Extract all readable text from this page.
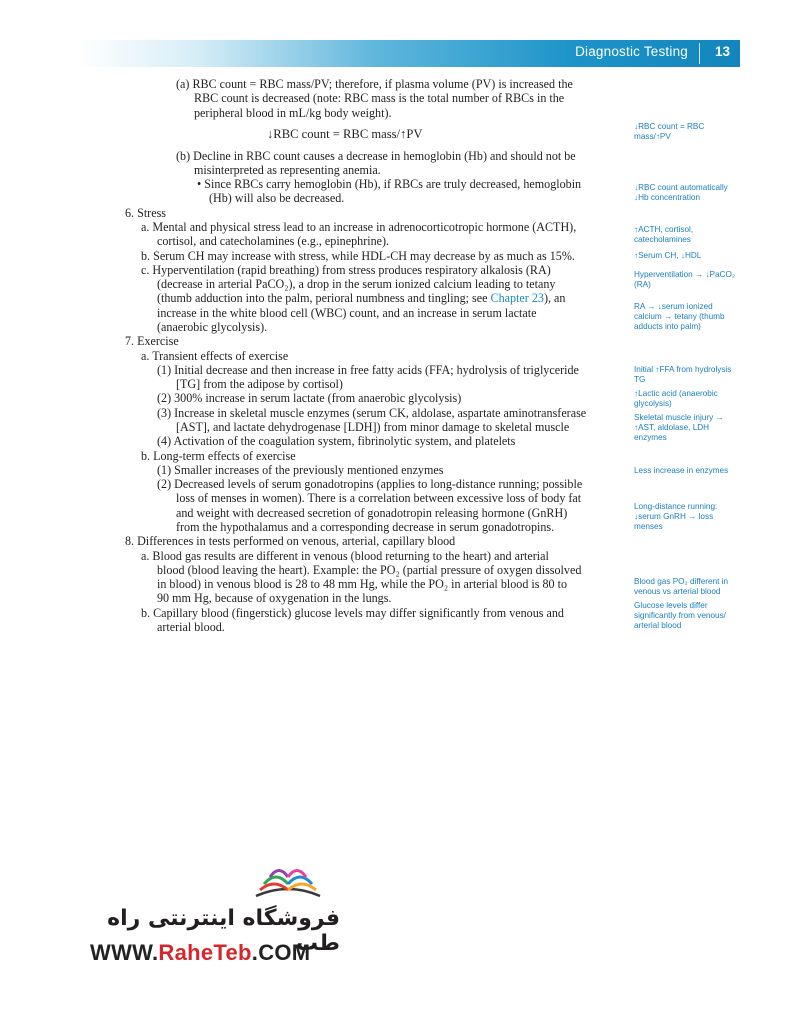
Diagnostic Testing 13
(a) RBC count = RBC mass/PV; therefore, if plasma volume (PV) is increased the
RBC count is decreased (note: RBC mass is the total number of RBCs in the
peripheral blood in mL/kg body weight).
(b) Decline in RBC count causes a decrease in hemoglobin (Hb) and should not be
misinterpreted as representing anemia.
• Since RBCs carry hemoglobin (Hb), if RBCs are truly decreased, hemoglobin
(Hb) will also be decreased.
6. Stress
a. Mental and physical stress lead to an increase in adrenocorticotropic hormone (ACTH),
cortisol, and catecholamines (e.g., epinephrine).
b. Serum CH may increase with stress, while HDL-CH may decrease by as much as 15%.
c. Hyperventilation (rapid breathing) from stress produces respiratory alkalosis (RA)
(decrease in arterial PaCO₂), a drop in the serum ionized calcium leading to tetany
(thumb adduction into the palm, perioral numbness and tingling; see Chapter 23), an
increase in the white blood cell (WBC) count, and an increase in serum lactate
(anaerobic glycolysis).
7. Exercise
a. Transient effects of exercise
(1) Initial decrease and then increase in free fatty acids (FFA; hydrolysis of triglyceride
[TG] from the adipose by cortisol)
(2) 300% increase in serum lactate (from anaerobic glycolysis)
(3) Increase in skeletal muscle enzymes (serum CK, aldolase, aspartate aminotransferase
[AST], and lactate dehydrogenase [LDH]) from minor damage to skeletal muscle
(4) Activation of the coagulation system, fibrinolytic system, and platelets
b. Long-term effects of exercise
(1) Smaller increases of the previously mentioned enzymes
(2) Decreased levels of serum gonadotropins (applies to long-distance running; possible
loss of menses in women). There is a correlation between excessive loss of body fat
and weight with decreased secretion of gonadotropin releasing hormone (GnRH)
from the hypothalamus and a corresponding decrease in serum gonadotropins.
8. Differences in tests performed on venous, arterial, capillary blood
a. Blood gas results are different in venous (blood returning to the heart) and arterial
blood (blood leaving the heart). Example: the PO₂ (partial pressure of oxygen dissolved
in blood) in venous blood is 28 to 48 mm Hg, while the PO₂ in arterial blood is 80 to
90 mm Hg, because of oxygenation in the lungs.
b. Capillary blood (fingerstick) glucose levels may differ significantly from venous and
arterial blood.
↓RBC count = RBC mass/↑PV
↓RBC count = RBC
mass/↑PV
↓RBC count automatically
↓Hb concentration
↑ACTH, cortisol,
catecholamines
↑Serum CH, ↓HDL
Hyperventilation → ↓PaCO₂
(RA)
RA → ↓serum ionized
calcium → tetany (thumb
adducts into palm)
Initial ↑FFA from hydrolysis
TG
↑Lactic acid (anaerobic
glycolysis)
Skeletal muscle injury →
↑AST, aldolase, LDH
enzymes
Less increase in enzymes
Long-distance running:
↓serum GnRH → loss
menses
Blood gas PO₂ different in
venous vs arterial blood
Glucose levels differ
significantly from venous/
arterial blood
فروشگاه اینترنتی راه طب
WWW.RaheTeb.COM
